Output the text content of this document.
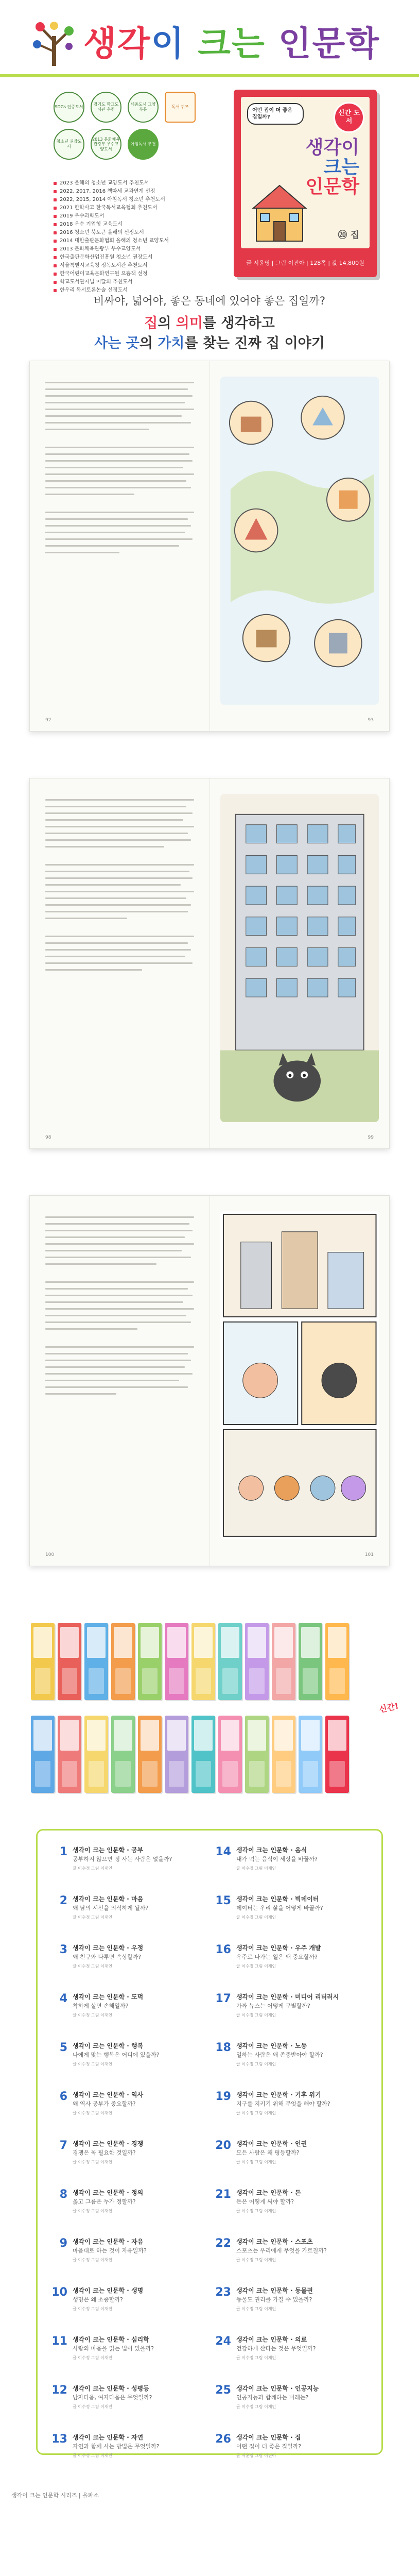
생각이 크는 인문학
SDGs 인증도서
경기도 학교도서관 추천
세종도서 교양부문
독서 퀴즈
청소년 권장도서
2013 문화체육관광부 우수교양도서
아침독서 추천
2023 올해의 청소년 교양도서 추천도서
2022, 2017, 2016 책따세 교과연계 선정
2022, 2015, 2014 아침독서 청소년 추천도서
2021 한학사고 한국독서교육협회 추천도서
2019 우수과학도서
2018 우수 기업형 교육도서
2016 청소년 북토큰 올해의 선정도서
2014 대한출판문화협회 올해의 청소년 교양도서
2013 문화체육관광부 우수교양도서
한국출판문화산업진흥원 청소년 권장도서
서울특별시교육청 정독도서관 추천도서
한국어린이교육문화연구원 으뜸책 선정
학교도서관저널 이달의 추천도서
한우리 독서토론논술 선정도서
어떤 집이 더 좋은 집일까?
신간 도서
생각이
크는
인문학
⑳ 집
글 서윤영 | 그림 이진아 | 128쪽 | 값 14,800원
비싸야, 넓어야, 좋은 동네에 있어야 좋은 집일까?
집의 의미를 생각하고
사는 곳의 가치를 찾는 진짜 집 이야기
92	93
98	99
100	101
신간!
1 생각이 크는 인문학 · 공부
공부하지 않으면 정 사는 사람은 없을까?
글 이수정 그림 이재인
2 생각이 크는 인문학 · 마음
왜 남의 시선을 의식하게 될까?
글 이수정 그림 이재인
3 생각이 크는 인문학 · 우정
왜 친구와 다투면 속상할까?
글 이수정 그림 이재인
4 생각이 크는 인문학 · 도덕
착하게 살면 손해일까?
글 이수정 그림 이재인
5 생각이 크는 인문학 · 행복
나에게 맞는 행복은 어디에 있을까?
글 이수정 그림 이재인
6 생각이 크는 인문학 · 역사
왜 역사 공부가 중요할까?
글 이수정 그림 이재인
7 생각이 크는 인문학 · 경쟁
경쟁은 꼭 필요한 것일까?
글 이수정 그림 이재인
8 생각이 크는 인문학 · 정의
옳고 그름은 누가 정할까?
글 이수정 그림 이재인
9 생각이 크는 인문학 · 자유
마음대로 하는 것이 자유일까?
글 이수정 그림 이재인
10 생각이 크는 인문학 · 생명
생명은 왜 소중할까?
글 이수정 그림 이재인
11 생각이 크는 인문학 · 심리학
사람의 마음을 읽는 법이 있을까?
글 이수정 그림 이재인
12 생각이 크는 인문학 · 성평등
남자다움, 여자다움은 무엇일까?
글 이수정 그림 이재인
13 생각이 크는 인문학 · 자연
자연과 함께 사는 방법은 무엇일까?
글 이수정 그림 이재인
14 생각이 크는 인문학 · 음식
내가 먹는 음식이 세상을 바꿀까?
글 이수정 그림 이재인
15 생각이 크는 인문학 · 빅데이터
데이터는 우리 삶을 어떻게 바꿀까?
글 이수정 그림 이재인
16 생각이 크는 인문학 · 우주 개발
우주로 나가는 일은 왜 중요할까?
글 이수정 그림 이재인
17 생각이 크는 인문학 · 미디어 리터러시
가짜 뉴스는 어떻게 구별할까?
글 이수정 그림 이재인
18 생각이 크는 인문학 · 노동
일하는 사람은 왜 존중받아야 할까?
글 이수정 그림 이재인
19 생각이 크는 인문학 · 기후 위기
지구를 지키기 위해 무엇을 해야 할까?
글 이수정 그림 이재인
20 생각이 크는 인문학 · 인권
모든 사람은 왜 평등할까?
글 이수정 그림 이재인
21 생각이 크는 인문학 · 돈
돈은 어떻게 써야 할까?
글 이수정 그림 이재인
22 생각이 크는 인문학 · 스포츠
스포츠는 우리에게 무엇을 가르칠까?
글 이수정 그림 이재인
23 생각이 크는 인문학 · 동물권
동물도 권리를 가질 수 있을까?
글 이수정 그림 이재인
24 생각이 크는 인문학 · 의료
건강하게 산다는 것은 무엇일까?
글 이수정 그림 이재인
25 생각이 크는 인문학 · 인공지능
인공지능과 함께하는 미래는?
글 이수정 그림 이재인
26 생각이 크는 인문학 · 집
어떤 집이 더 좋은 집일까?
글 서윤영 그림 이진아
생각이 크는 인문학 시리즈 | 을파소
